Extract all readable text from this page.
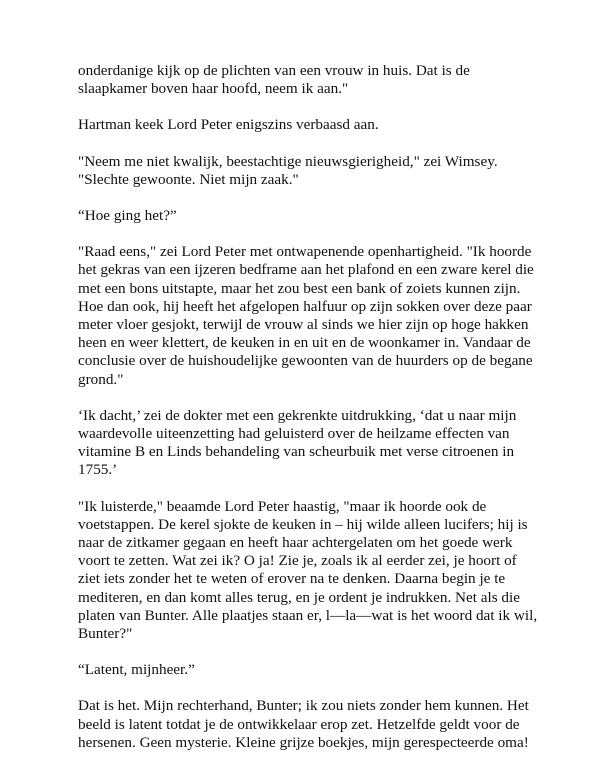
onderdanige kijk op de plichten van een vrouw in huis. Dat is de
slaapkamer boven haar hoofd, neem ik aan."

Hartman keek Lord Peter enigszins verbaasd aan.

"Neem me niet kwalijk, beestachtige nieuwsgierigheid," zei Wimsey.
"Slechte gewoonte. Niet mijn zaak."

“Hoe ging het?”

"Raad eens," zei Lord Peter met ontwapenende openhartigheid. "Ik hoorde
het gekras van een ijzeren bedframe aan het plafond en een zware kerel die
met een bons uitstapte, maar het zou best een bank of zoiets kunnen zijn.
Hoe dan ook, hij heeft het afgelopen halfuur op zijn sokken over deze paar
meter vloer gesjokt, terwijl de vrouw al sinds we hier zijn op hoge hakken
heen en weer klettert, de keuken in en uit en de woonkamer in. Vandaar de
conclusie over de huishoudelijke gewoonten van de huurders op de begane
grond."

‘Ik dacht,’ zei de dokter met een gekrenkte uitdrukking, ‘dat u naar mijn
waardevolle uiteenzetting had geluisterd over de heilzame effecten van
vitamine B en Linds behandeling van scheurbuik met verse citroenen in
1755.’

"Ik luisterde," beaamde Lord Peter haastig, "maar ik hoorde ook de
voetstappen. De kerel sjokte de keuken in – hij wilde alleen lucifers; hij is
naar de zitkamer gegaan en heeft haar achtergelaten om het goede werk
voort te zetten. Wat zei ik? O ja! Zie je, zoals ik al eerder zei, je hoort of
ziet iets zonder het te weten of erover na te denken. Daarna begin je te
mediteren, en dan komt alles terug, en je ordent je indrukken. Net als die
platen van Bunter. Alle plaatjes staan er, l—la—wat is het woord dat ik wil,
Bunter?"

“Latent, mijnheer.”

Dat is het. Mijn rechterhand, Bunter; ik zou niets zonder hem kunnen. Het
beeld is latent totdat je de ontwikkelaar erop zet. Hetzelfde geldt voor de
hersenen. Geen mysterie. Kleine grijze boekjes, mijn gerespecteerde oma!
